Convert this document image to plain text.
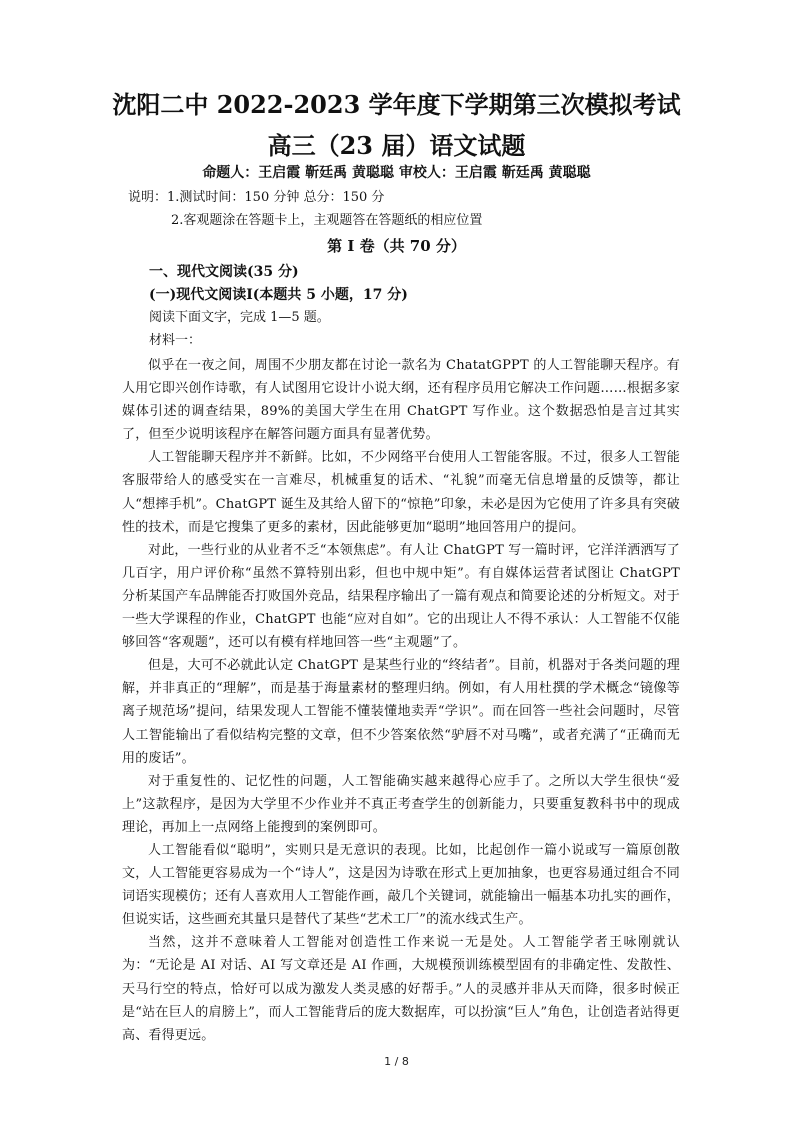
沈阳二中 2022-2023 学年度下学期第三次模拟考试
高三（23 届）语文试题
命题人：王启霞 靳廷禹 黄聪聪 审校人：王启霞 靳廷禹 黄聪聪
说明：1.测试时间：150 分钟 总分：150 分
2.客观题涂在答题卡上，主观题答在答题纸的相应位置
第 I 卷（共 70 分）
一、现代文阅读(35 分)
(一)现代文阅读Ⅰ(本题共 5 小题，17 分)
阅读下面文字，完成 1—5 题。
材料一：

似乎在一夜之间，周围不少朋友都在讨论一款名为 ChatatGPPT 的人工智能聊天程序。有人用它即兴创作诗歌，有人试图用它设计小说大纲，还有程序员用它解决工作问题……根据多家媒体引述的调查结果，89%的美国大学生在用 ChatGPT 写作业。这个数据恐怕是言过其实了，但至少说明该程序在解答问题方面具有显著优势。

人工智能聊天程序并不新鲜。比如，不少网络平台使用人工智能客服。不过，很多人工智能客服带给人的感受实在一言难尽，机械重复的话术、“礼貌”而毫无信息增量的反馈等，都让人“想摔手机”。ChatGPT 诞生及其给人留下的“惊艳”印象，未必是因为它使用了许多具有突破性的技术，而是它搜集了更多的素材，因此能够更加“聪明”地回答用户的提问。

对此，一些行业的从业者不乏“本领焦虑”。有人让 ChatGPT 写一篇时评，它洋洋洒洒写了几百字，用户评价称“虽然不算特别出彩，但也中规中矩”。有自媒体运营者试图让 ChatGPT 分析某国产车品牌能否打败国外竞品，结果程序输出了一篇有观点和简要论述的分析短文。对于一些大学课程的作业，ChatGPT 也能“应对自如”。它的出现让人不得不承认：人工智能不仅能够回答“客观题”，还可以有模有样地回答一些“主观题”了。

但是，大可不必就此认定 ChatGPT 是某些行业的“终结者”。目前，机器对于各类问题的理解，并非真正的“理解”，而是基于海量素材的整理归纳。例如，有人用杜撰的学术概念“镜像等离子规范场”提问，结果发现人工智能不懂装懂地卖弄“学识”。而在回答一些社会问题时，尽管人工智能输出了看似结构完整的文章，但不少答案依然“驴唇不对马嘴”，或者充满了“正确而无用的废话”。

对于重复性的、记忆性的问题，人工智能确实越来越得心应手了。之所以大学生很快“爱上”这款程序，是因为大学里不少作业并不真正考查学生的创新能力，只要重复教科书中的现成理论，再加上一点网络上能搜到的案例即可。

人工智能看似“聪明”，实则只是无意识的表现。比如，比起创作一篇小说或写一篇原创散文，人工智能更容易成为一个“诗人”，这是因为诗歌在形式上更加抽象，也更容易通过组合不同词语实现模仿；还有人喜欢用人工智能作画，敲几个关键词，就能输出一幅基本功扎实的画作，但说实话，这些画充其量只是替代了某些“艺术工厂”的流水线式生产。

当然，这并不意味着人工智能对创造性工作来说一无是处。人工智能学者王咏刚就认为：“无论是 AI 对话、AI 写文章还是 AI 作画，大规模预训练模型固有的非确定性、发散性、天马行空的特点，恰好可以成为激发人类灵感的好帮手。”人的灵感并非从天而降，很多时候正是“站在巨人的肩膀上”，而人工智能背后的庞大数据库，可以扮演“巨人”角色，让创造者站得更高、看得更远。

1 / 8
